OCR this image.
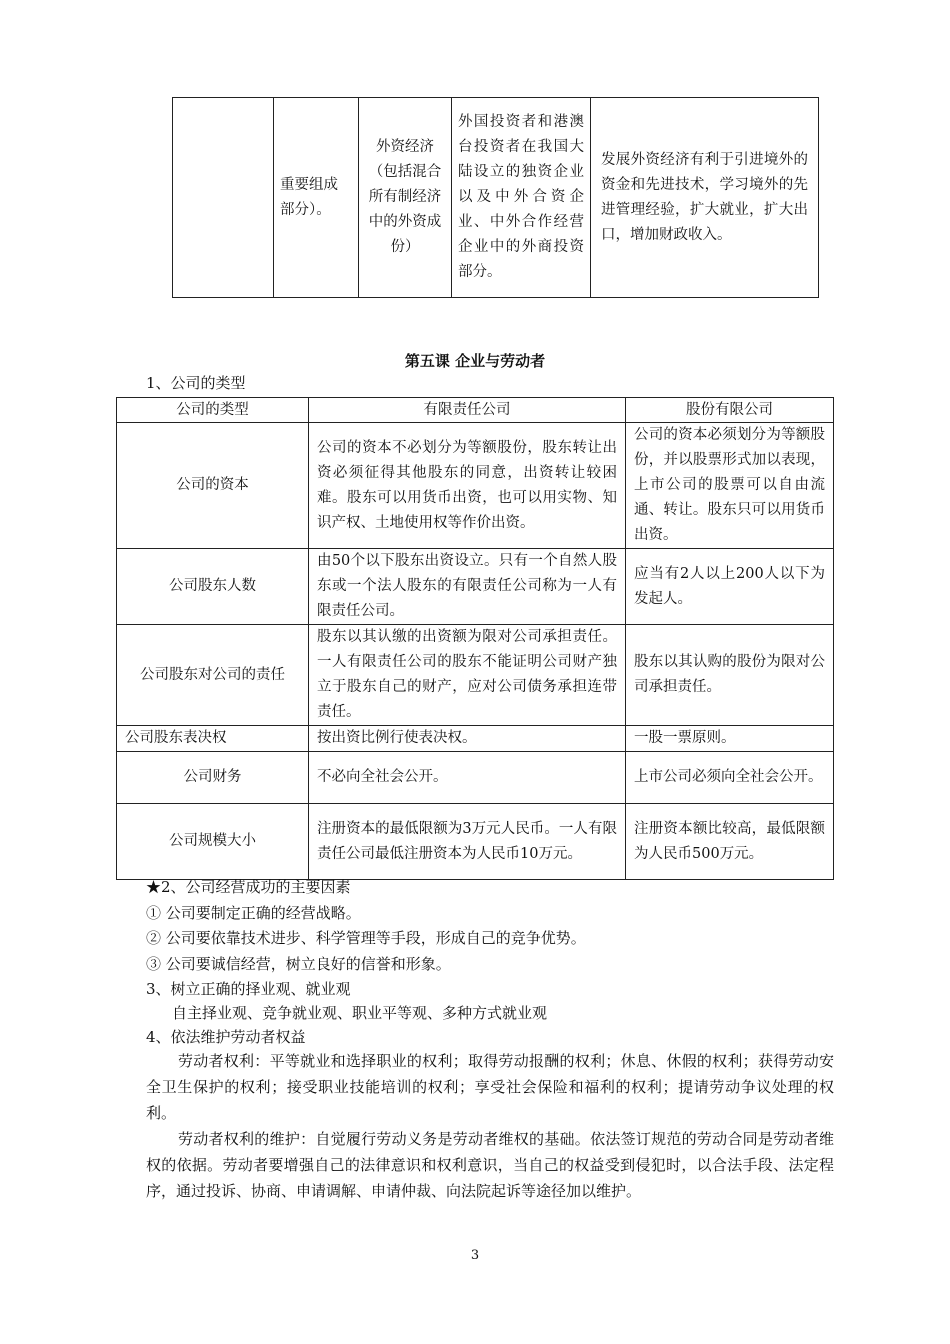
	重要组成部分）。	外资经济（包括混合所有制经济中的外资成份）	外国投资者和港澳台投资者在我国大陆设立的独资企业以及中外合资企业、中外合作经营企业中的外商投资部分。	发展外资经济有利于引进境外的资金和先进技术，学习境外的先进管理经验，扩大就业，扩大出口，增加财政收入。
第五课 企业与劳动者
1、公司的类型
公司的类型	有限责任公司	股份有限公司
公司的资本	公司的资本不必划分为等额股份，股东转让出资必须征得其他股东的同意，出资转让较困难。股东可以用货币出资，也可以用实物、知识产权、土地使用权等作价出资。	公司的资本必须划分为等额股份，并以股票形式加以表现，上市公司的股票可以自由流通、转让。股东只可以用货币出资。
公司股东人数	由50个以下股东出资设立。只有一个自然人股东或一个法人股东的有限责任公司称为一人有限责任公司。	应当有2人以上200人以下为发起人。
公司股东对公司的责任	股东以其认缴的出资额为限对公司承担责任。一人有限责任公司的股东不能证明公司财产独立于股东自己的财产，应对公司债务承担连带责任。	股东以其认购的股份为限对公司承担责任。
公司股东表决权	按出资比例行使表决权。	一股一票原则。
公司财务	不必向全社会公开。	上市公司必须向全社会公开。
公司规模大小	注册资本的最低限额为3万元人民币。一人有限责任公司最低注册资本为人民币10万元。	注册资本额比较高，最低限额为人民币500万元。
★2、公司经营成功的主要因素
① 公司要制定正确的经营战略。
② 公司要依靠技术进步、科学管理等手段，形成自己的竞争优势。
③ 公司要诚信经营，树立良好的信誉和形象。
3、树立正确的择业观、就业观
自主择业观、竞争就业观、职业平等观、多种方式就业观
4、依法维护劳动者权益
劳动者权利：平等就业和选择职业的权利；取得劳动报酬的权利；休息、休假的权利；获得劳动安全卫生保护的权利；接受职业技能培训的权利；享受社会保险和福利的权利；提请劳动争议处理的权利。
劳动者权利的维护：自觉履行劳动义务是劳动者维权的基础。依法签订规范的劳动合同是劳动者维权的依据。劳动者要增强自己的法律意识和权利意识，当自己的权益受到侵犯时，以合法手段、法定程序，通过投诉、协商、申请调解、申请仲裁、向法院起诉等途径加以维护。
3
